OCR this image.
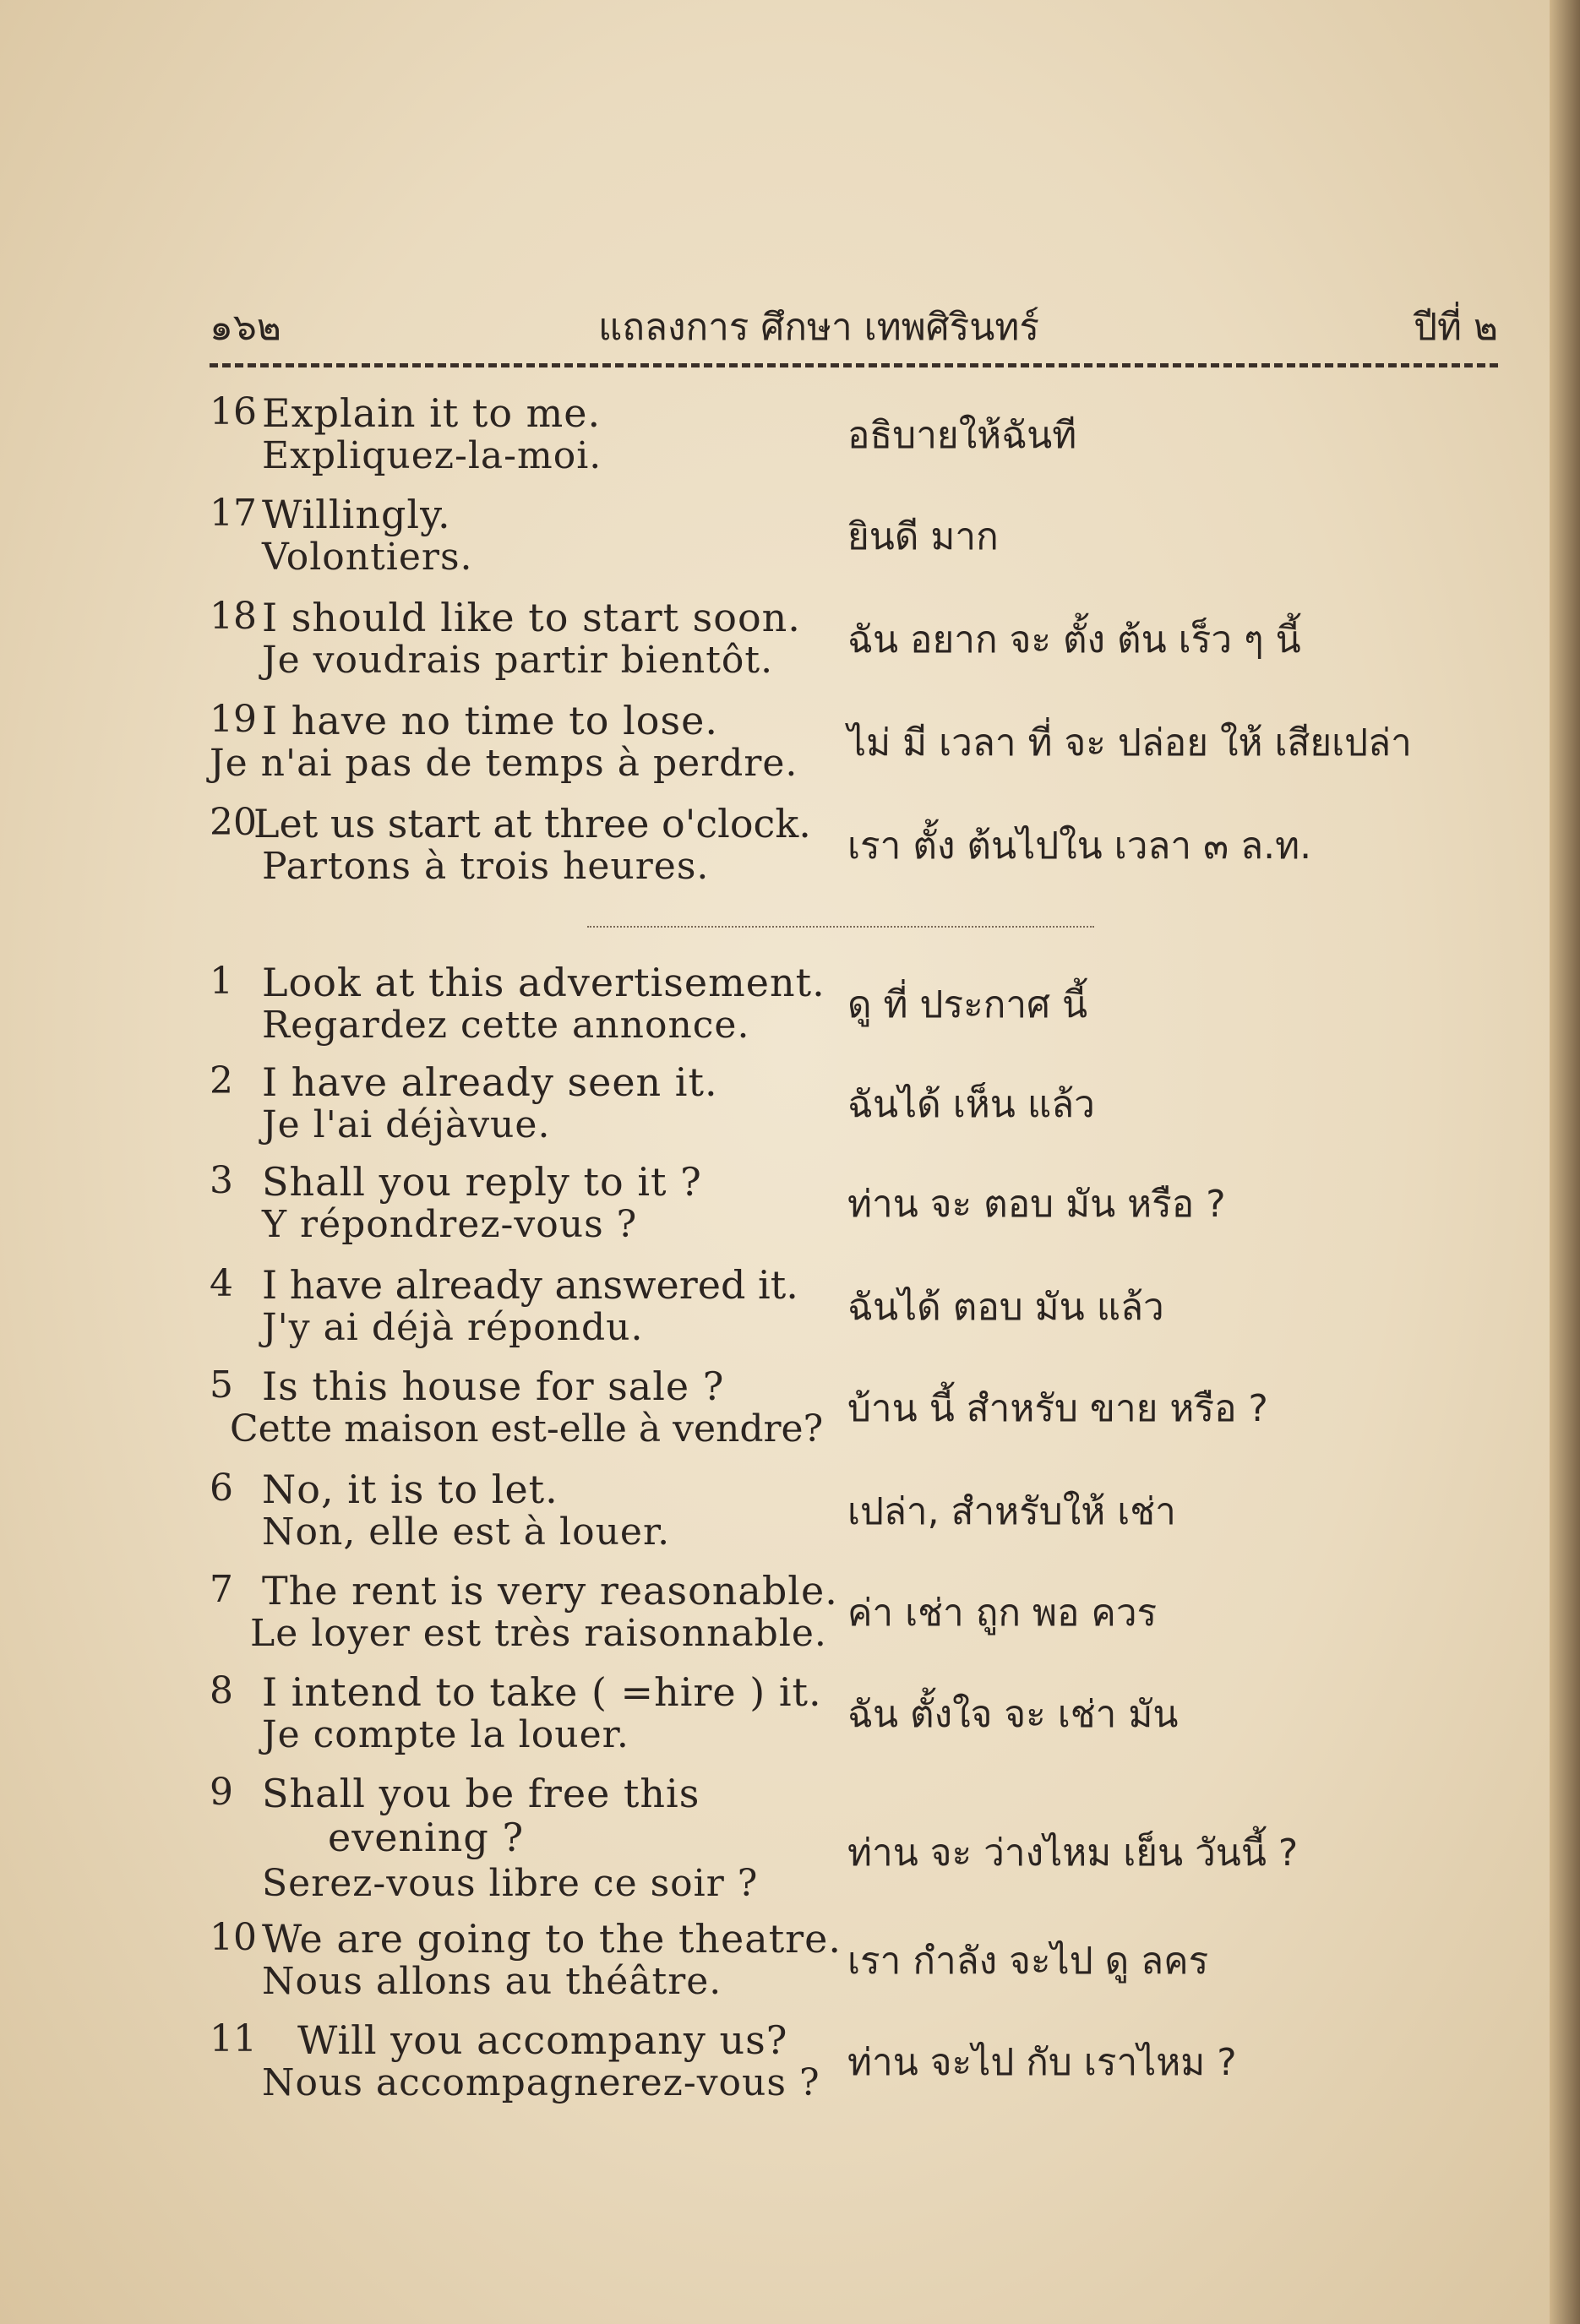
๑๖๒	แถลงการ ศึกษา เทพศิรินทร์	ปีที่ ๒
16 Explain it to me.
Expliquez-la-moi.	อธิบายให้ฉันที
17 Willingly.
Volontiers.	ยินดี มาก
18 I should like to start soon.
Je voudrais partir bientôt. ฉัน อยาก จะ ตั้ง ต้น เร็ว ๆ นี้
19 I have no time to lose.
Je n'ai pas de temps à perdre. ไม่ มี เวลา ที่ จะ ปล่อย ให้ เสียเปล่า
20
Let us start at three o'clock.
Partons à trois heures.	เรา ตั้ง ต้นไปใน เวลา ๓ ล.ท.
1 Look at this advertisement.
Regardez cette annonce.	ดู ที่ ประกาศ นี้
2 I have already seen it.
Je l'ai déjàvue.	ฉันได้ เห็น แล้ว
3 Shall you reply to it ?
Y répondrez-vous ?	ท่าน จะ ตอบ มัน หรือ ?
4 I have already answered it.
J'y ai déjà répondu.	ฉันได้ ตอบ มัน แล้ว
5 Is this house for sale ?
Cette maison est-elle à vendre? บ้าน นี้ สำหรับ ขาย หรือ ?
6 No, it is to let.
Non, elle est à louer.	เปล่า, สำหรับให้ เช่า
7 The rent is very reasonable.
Le loyer est très raisonnable. ค่า เช่า ถูก พอ ควร
8 I intend to take ( =hire ) it.
Je compte la louer.	ฉัน ตั้งใจ จะ เช่า มัน
9 Shall you be free this
evening ?
Serez-vous libre ce soir ?
ท่าน จะ ว่างไหม เย็น วันนี้ ?
10 We are going to the theatre.
Nous allons au théâtre.	เรา กำลัง จะไป ดู ลคร
11 Will you accompany us?
Nous accompagnerez-vous ? ท่าน จะไป กับ เราไหม ?
